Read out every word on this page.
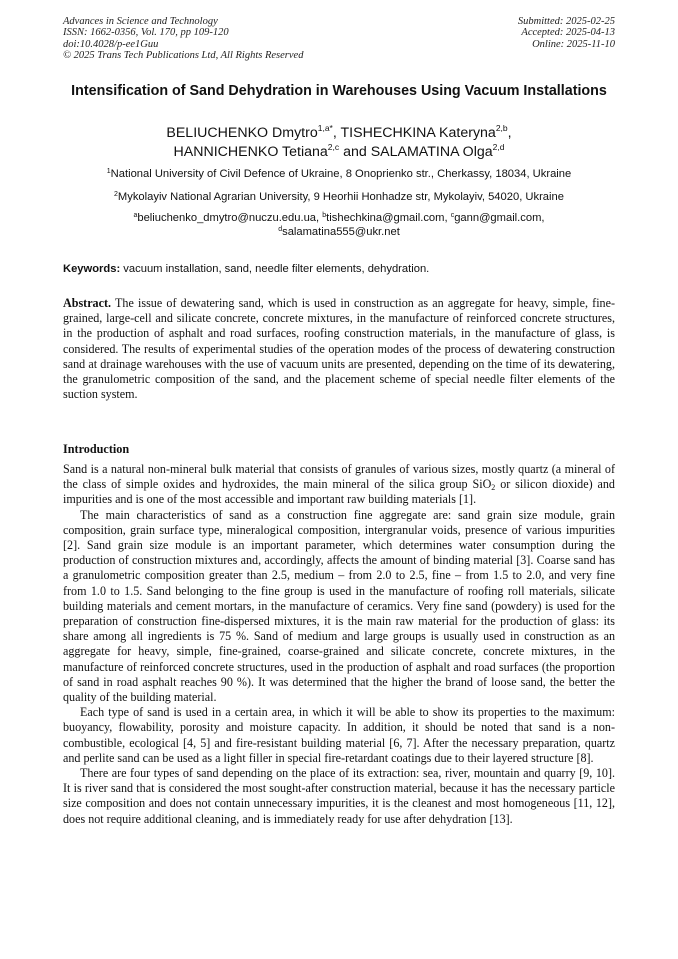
Advances in Science and Technology
ISSN: 1662-0356, Vol. 170, pp 109-120
doi:10.4028/p-ee1Guu
© 2025 Trans Tech Publications Ltd, All Rights Reserved
Submitted: 2025-02-25
Accepted: 2025-04-13
Online: 2025-11-10
Intensification of Sand Dehydration in Warehouses Using Vacuum Installations
BELIUCHENKO Dmytro$^{1,a*}$, TISHECHKINA Kateryna$^{2,b}$,
HANNICHENKO Tetiana$^{2,c}$ and SALAMATINA Olga$^{2,d}$
$^1$National University of Civil Defence of Ukraine, 8 Onoprienko str., Cherkassy, 18034, Ukraine
$^2$Mykolayiv National Agrarian University, 9 Heorhii Honhadze str, Mykolayiv, 54020, Ukraine
$^a$beliuchenko_dmytro@nuczu.edu.ua, $^b$tishechkina@gmail.com, $^c$gann@gmail.com,
$^d$salamatina555@ukr.net
Keywords: vacuum installation, sand, needle filter elements, dehydration.
Abstract. The issue of dewatering sand, which is used in construction as an aggregate for heavy, simple, fine-grained, large-cell and silicate concrete, concrete mixtures, in the manufacture of reinforced concrete structures, in the production of asphalt and road surfaces, roofing construction materials, in the manufacture of glass, is considered. The results of experimental studies of the operation modes of the process of dewatering construction sand at drainage warehouses with the use of vacuum units are presented, depending on the time of its dewatering, the granulometric composition of the sand, and the placement scheme of special needle filter elements of the suction system.
Introduction

Sand is a natural non-mineral bulk material that consists of granules of various sizes, mostly quartz (a mineral of the class of simple oxides and hydroxides, the main mineral of the silica group SiO$_2$ or silicon dioxide) and impurities and is one of the most accessible and important raw building materials [1].

The main characteristics of sand as a construction fine aggregate are: sand grain size module, grain composition, grain surface type, mineralogical composition, intergranular voids, presence of various impurities [2]. Sand grain size module is an important parameter, which determines water consumption during the production of construction mixtures and, accordingly, affects the amount of binding material [3]. Coarse sand has a granulometric composition greater than 2.5, medium – from 2.0 to 2.5, fine – from 1.5 to 2.0, and very fine from 1.0 to 1.5. Sand belonging to the fine group is used in the manufacture of roofing roll materials, silicate building materials and cement mortars, in the manufacture of ceramics. Very fine sand (powdery) is used for the preparation of construction fine-dispersed mixtures, it is the main raw material for the production of glass: its share among all ingredients is 75 %. Sand of medium and large groups is usually used in construction as an aggregate for heavy, simple, fine-grained, coarse-grained and silicate concrete, concrete mixtures, in the manufacture of reinforced concrete structures, used in the production of asphalt and road surfaces (the proportion of sand in road asphalt reaches 90 %). It was determined that the higher the brand of loose sand, the better the quality of the building material.

Each type of sand is used in a certain area, in which it will be able to show its properties to the maximum: buoyancy, flowability, porosity and moisture capacity. In addition, it should be noted that sand is a non-combustible, ecological [4, 5] and fire-resistant building material [6, 7]. After the necessary preparation, quartz and perlite sand can be used as a light filler in special fire-retardant coatings due to their layered structure [8].

There are four types of sand depending on the place of its extraction: sea, river, mountain and quarry [9, 10]. It is river sand that is considered the most sought-after construction material, because it has the necessary particle size composition and does not contain unnecessary impurities, it is the cleanest and most homogeneous [11, 12], does not require additional cleaning, and is immediately ready for use after dehydration [13].
